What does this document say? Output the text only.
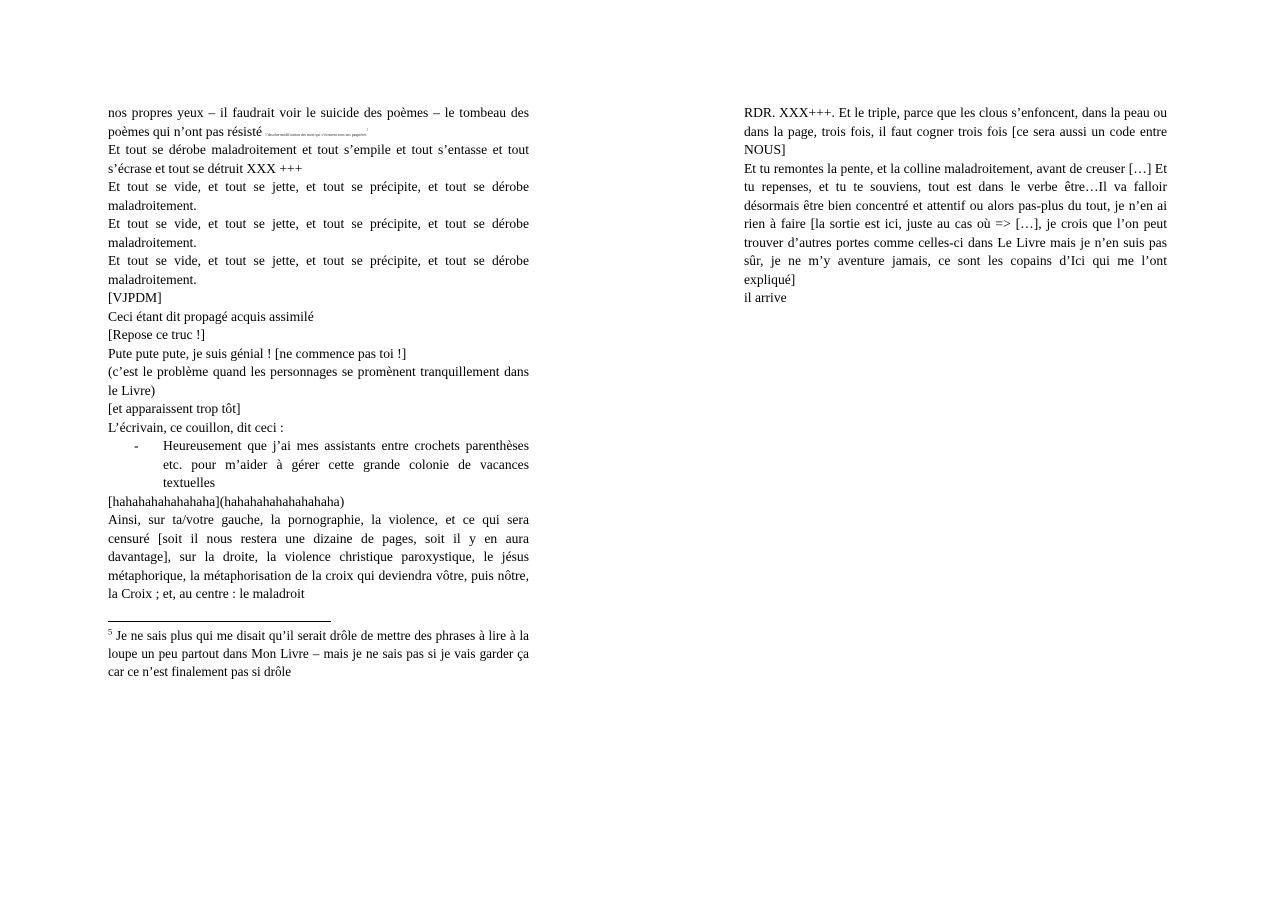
nos propres yeux – il faudrait voir le suicide des poèmes – le tombeau des poèmes qui n’ont pas résisté l’absolue modification des mots qui s’écrasent sous nos paupières$^5$

Et tout se dérobe maladroitement et tout s’empile et tout s’entasse et tout s’écrase et tout se détruit XXX +++

Et tout se vide, et tout se jette, et tout se précipite, et tout se dérobe maladroitement.

Et tout se vide, et tout se jette, et tout se précipite, et tout se dérobe maladroitement.

Et tout se vide, et tout se jette, et tout se précipite, et tout se dérobe maladroitement.

[VJPDM]

Ceci étant dit propagé acquis assimilé

[Repose ce truc !]

Pute pute pute, je suis génial ! [ne commence pas toi !]

(c’est le problème quand les personnages se promènent tranquillement dans le Livre)

[et apparaissent trop tôt]

L’écrivain, ce couillon, dit ceci :

- Heureusement que j’ai mes assistants entre crochets parenthèses etc. pour m’aider à gérer cette grande colonie de vacances textuelles

[hahahahahahahaha](hahahahahahahahaha)

Ainsi, sur ta/votre gauche, la pornographie, la violence, et ce qui sera censuré [soit il nous restera une dizaine de pages, soit il y en aura davantage], sur la droite, la violence christique paroxystique, le jésus métaphorique, la métaphorisation de la croix qui deviendra vôtre, puis nôtre, la Croix ; et, au centre : le maladroit

$^5$ Je ne sais plus qui me disait qu’il serait drôle de mettre des phrases à lire à la loupe un peu partout dans Mon Livre – mais je ne sais pas si je vais garder ça car ce n’est finalement pas si drôle

RDR. XXX+++. Et le triple, parce que les clous s’enfoncent, dans la peau ou dans la page, trois fois, il faut cogner trois fois [ce sera aussi un code entre NOUS]

Et tu remontes la pente, et la colline maladroitement, avant de creuser […] Et tu repenses, et tu te souviens, tout est dans le verbe être…Il va falloir désormais être bien concentré et attentif ou alors pas-plus du tout, je n’en ai rien à faire [la sortie est ici, juste au cas où => […], je crois que l’on peut trouver d’autres portes comme celles-ci dans Le Livre mais je n’en suis pas sûr, je ne m’y aventure jamais, ce sont les copains d’Ici qui me l’ont expliqué]

il arrive
